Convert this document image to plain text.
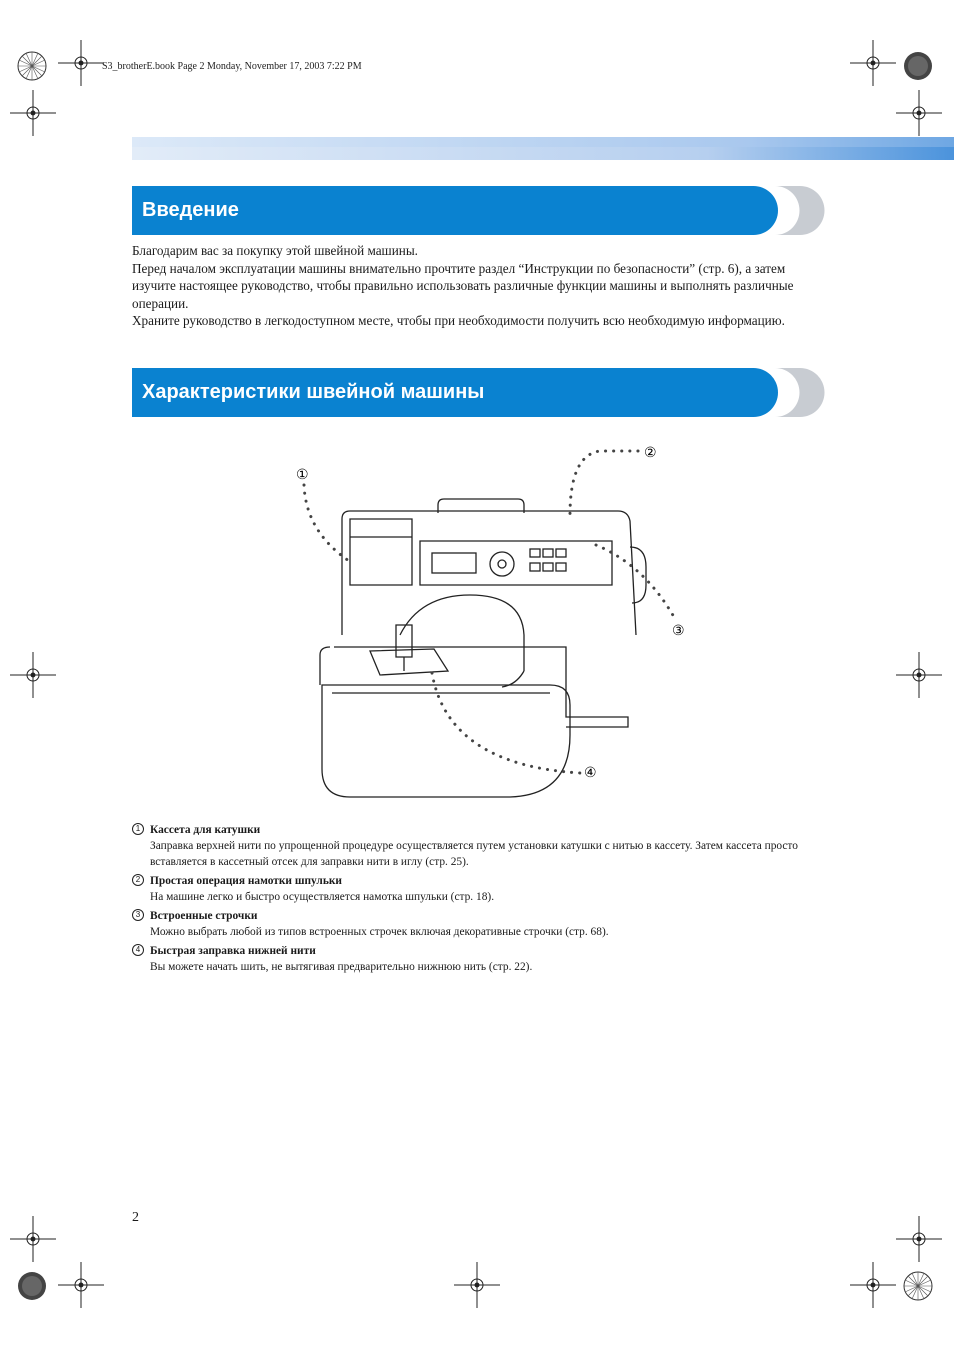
S3_brotherE.book Page 2 Monday, November 17, 2003 7:22 PM
Введение

Благодарим вас за покупку этой швейной машины.

Перед началом эксплуатации машины внимательно прочтите раздел “Инструкции по безопасности” (стр. 6), а затем изучите настоящее руководство, чтобы правильно использовать различные функции машины и выполнять различные операции.

Храните руководство в легкодоступном месте, чтобы при необходимости получить всю необходимую информацию.

Характеристики швейной машины
①
②
③
④
1 Кассета для катушки
Заправка верхней нити по упрощенной процедуре осуществляется путем установки катушки с нитью в кассету. Затем кассета просто вставляется в кассетный отсек для заправки нити в иглу (стр. 25).
2 Простая операция намотки шпульки
На машине легко и быстро осуществляется намотка шпульки (стр. 18).
3 Встроенные строчки
Можно выбрать любой из типов встроенных строчек включая декоративные строчки (стр. 68).
4 Быстрая заправка нижней нити
Вы можете начать шить, не вытягивая предварительно нижнюю нить (стр. 22).
2
